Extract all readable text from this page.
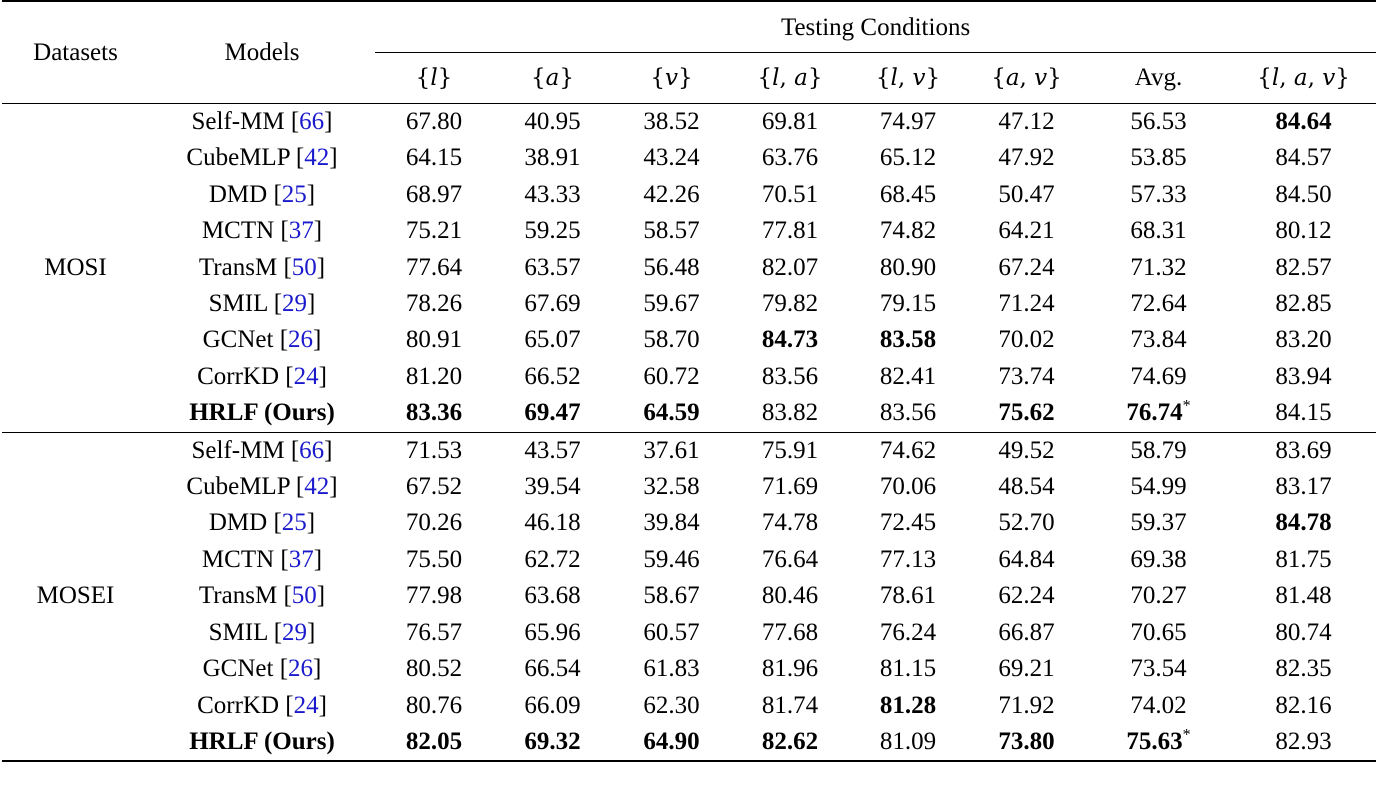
Datasets	Models	Testing Conditions							

		{l}	{a}	{v}	{l, a}	{l, v}	{a, v}	Avg.	{l, a, v}
MOSI	Self-MM [66]	67.80	40.95	38.52	69.81	74.97	47.12	56.53	84.64
	CubeMLP [42]	64.15	38.91	43.24	63.76	65.12	47.92	53.85	84.57
	DMD [25]	68.97	43.33	42.26	70.51	68.45	50.47	57.33	84.50
	MCTN [37]	75.21	59.25	58.57	77.81	74.82	64.21	68.31	80.12
	TransM [50]	77.64	63.57	56.48	82.07	80.90	67.24	71.32	82.57
	SMIL [29]	78.26	67.69	59.67	79.82	79.15	71.24	72.64	82.85
	GCNet [26]	80.91	65.07	58.70	84.73	83.58	70.02	73.84	83.20
	CorrKD [24]	81.20	66.52	60.72	83.56	82.41	73.74	74.69	83.94
	HRLF (Ours)	83.36	69.47	64.59	83.82	83.56	75.62	76.74*	84.15
MOSEI	Self-MM [66]	71.53	43.57	37.61	75.91	74.62	49.52	58.79	83.69
	CubeMLP [42]	67.52	39.54	32.58	71.69	70.06	48.54	54.99	83.17
	DMD [25]	70.26	46.18	39.84	74.78	72.45	52.70	59.37	84.78
	MCTN [37]	75.50	62.72	59.46	76.64	77.13	64.84	69.38	81.75
	TransM [50]	77.98	63.68	58.67	80.46	78.61	62.24	70.27	81.48
	SMIL [29]	76.57	65.96	60.57	77.68	76.24	66.87	70.65	80.74
	GCNet [26]	80.52	66.54	61.83	81.96	81.15	69.21	73.54	82.35
	CorrKD [24]	80.76	66.09	62.30	81.74	81.28	71.92	74.02	82.16
	HRLF (Ours)	82.05	69.32	64.90	82.62	81.09	73.80	75.63*	82.93
